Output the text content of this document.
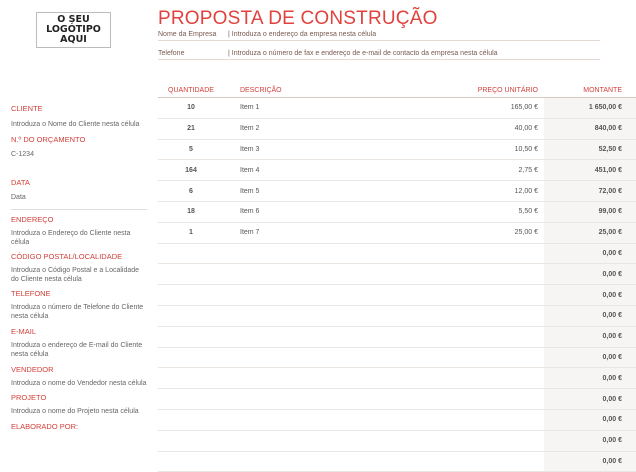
O SEU LOGÓTIPO AQUI
PROPOSTA DE CONSTRUÇÃO
Nome da Empresa | Introduza o endereço da empresa nesta célula
Telefone	| Introduza o número de fax e endereço de e-mail de contacto da empresa nesta célula

CLIENTE

Introduza o Nome do Cliente nesta célula

N.º DO ORÇAMENTO

C-1234

DATA

Data

ENDEREÇO

Introduza o Endereço do Cliente nesta célula

CÓDIGO POSTAL/LOCALIDADE

Introduza o Código Postal e a Localidade do Cliente nesta célula

TELEFONE

Introduza o número de Telefone do Cliente nesta célula

E-MAIL

Introduza o endereço de E-mail do Cliente nesta célula

VENDEDOR

Introduza o nome do Vendedor nesta célula

PROJETO

Introduza o nome do Projeto nesta célula

ELABORADO POR:

QUANTIDADE	DESCRIÇÃO	PREÇO UNITÁRIO	MONTANTE
10	Item 1	165,00 €	1 650,00 €
21	Item 2	40,00 €	840,00 €
5	Item 3	10,50 €	52,50 €
164	Item 4	2,75 €	451,00 €
6	Item 5	12,00 €	72,00 €
18	Item 6	5,50 €	99,00 €
1	Item 7	25,00 €	25,00 €
			0,00 €
			0,00 €
			0,00 €
			0,00 €
			0,00 €
			0,00 €
			0,00 €
			0,00 €
			0,00 €
			0,00 €
			0,00 €
